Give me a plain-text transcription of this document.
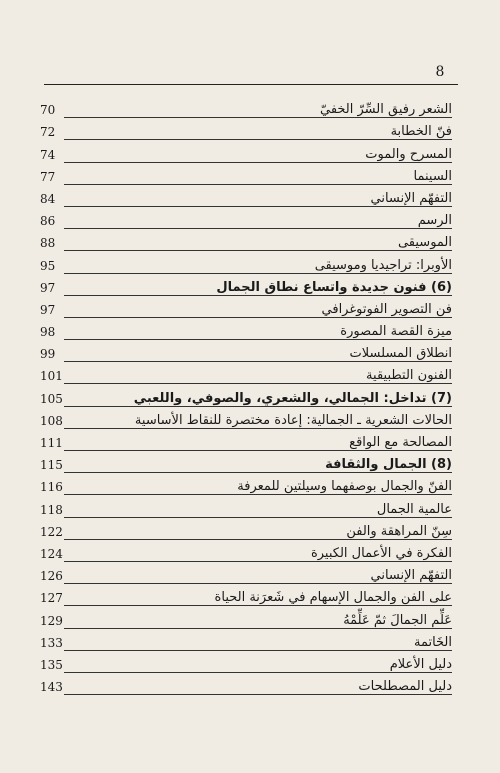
8
الشعر رفيق السِّرّ الخفيّ
70
فنّ الخطابة
72
المسرح والموت
74
السينما
77
التفهّم الإنساني
84
الرسم
86
الموسيقى
88
الأوبرا: تراجيديا وموسيقى
95
(6) فنون جديدة واتساع نطاق الجمال
97
فن التصوير الفوتوغرافي
97
ميزة القصة المصورة
98
انطلاق المسلسلات
99
الفنون التطبيقية
101
(7) تداخل: الجمالي، والشعري، والصوفي، واللعبي
105
الحالات الشعرية ـ الجمالية: إعادة مختصرة للنقاط الأساسية
108
المصالحة مع الواقع
111
(8) الجمال والثقافة
115
الفنّ والجمال بوصفهما وسيلتين للمعرفة
116
عالمية الجمال
118
سِنّ المراهقة والفن
122
الفكرة في الأعمال الكبيرة
124
التفهّم الإنساني
126
على الفن والجمال الإسهام في شَعرَنة الحياة
127
عَلِّم الجمالَ ثمّ عَلِّمْهُ
129
الخَاتمة
133
دليل الأعلام
135
دليل المصطلحات
143
